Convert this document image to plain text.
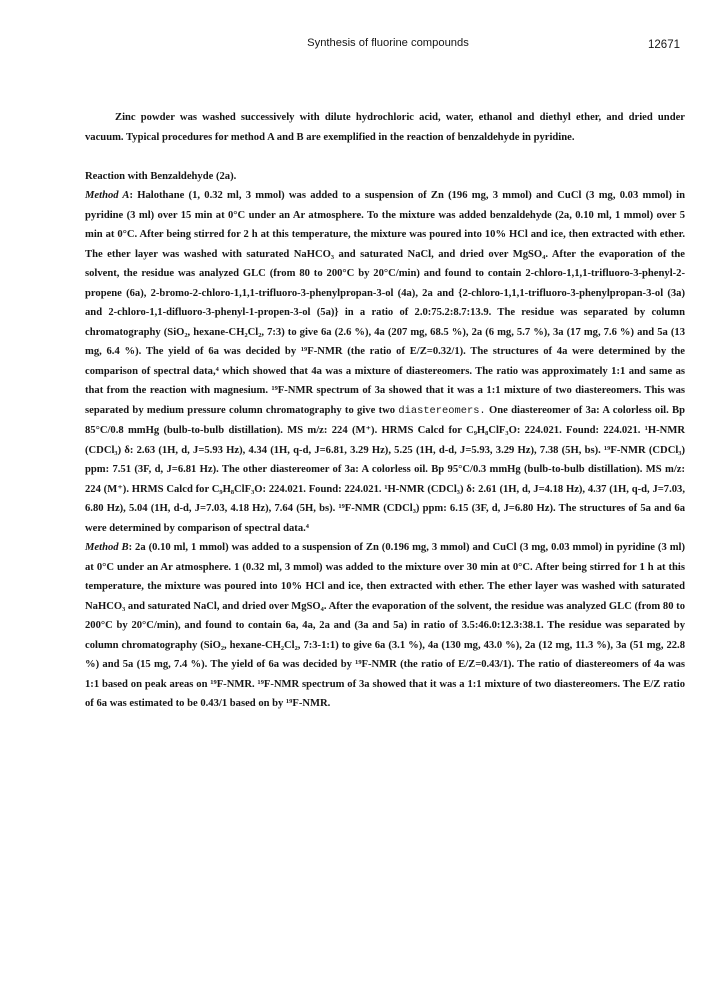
Synthesis of fluorine compounds	12671

Zinc powder was washed successively with dilute hydrochloric acid, water, ethanol and diethyl ether, and dried under vacuum. Typical procedures for method A and B are exemplified in the reaction of benzaldehyde in pyridine.

Reaction with Benzaldehyde (2a).

Method A: Halothane (1, 0.32 ml, 3 mmol) was added to a suspension of Zn (196 mg, 3 mmol) and CuCl (3 mg, 0.03 mmol) in pyridine (3 ml) over 15 min at 0°C under an Ar atmosphere. To the mixture was added benzaldehyde (2a, 0.10 ml, 1 mmol) over 5 min at 0°C. After being stirred for 2 h at this temperature, the mixture was poured into 10% HCl and ice, then extracted with ether. The ether layer was washed with saturated NaHCO₃ and saturated NaCl, and dried over MgSO₄. After the evaporation of the solvent, the residue was analyzed GLC (from 80 to 200°C by 20°C/min) and found to contain 2-chloro-1,1,1-trifluoro-3-phenyl-2-propene (6a), 2-bromo-2-chloro-1,1,1-trifluoro-3-phenylpropan-3-ol (4a), 2a and {2-chloro-1,1,1-trifluoro-3-phenylpropan-3-ol (3a) and 2-chloro-1,1-difluoro-3-phenyl-1-propen-3-ol (5a)} in a ratio of 2.0:75.2:8.7:13.9. The residue was separated by column chromatography (SiO₂, hexane-CH₂Cl₂, 7:3) to give 6a (2.6 %), 4a (207 mg, 68.5 %), 2a (6 mg, 5.7 %), 3a (17 mg, 7.6 %) and 5a (13 mg, 6.4 %). The yield of 6a was decided by ¹⁹F-NMR (the ratio of E/Z=0.32/1). The structures of 4a were determined by the comparison of spectral data,⁴ which showed that 4a was a mixture of diastereomers. The ratio was approximately 1:1 and same as that from the reaction with magnesium. ¹⁹F-NMR spectrum of 3a showed that it was a 1:1 mixture of two diastereomers. This was separated by medium pressure column chromatography to give two diastereomers. One diastereomer of 3a: A colorless oil. Bp 85°C/0.8 mmHg (bulb-to-bulb distillation). MS m/z: 224 (M⁺). HRMS Calcd for C₉H₈ClF₃O: 224.021. Found: 224.021. ¹H-NMR (CDCl₃) δ: 2.63 (1H, d, J=5.93 Hz), 4.34 (1H, q-d, J=6.81, 3.29 Hz), 5.25 (1H, d-d, J=5.93, 3.29 Hz), 7.38 (5H, bs). ¹⁹F-NMR (CDCl₃) ppm: 7.51 (3F, d, J=6.81 Hz). The other diastereomer of 3a: A colorless oil. Bp 95°C/0.3 mmHg (bulb-to-bulb distillation). MS m/z: 224 (M⁺). HRMS Calcd for C₉H₈ClF₃O: 224.021. Found: 224.021. ¹H-NMR (CDCl₃) δ: 2.61 (1H, d, J=4.18 Hz), 4.37 (1H, q-d, J=7.03, 6.80 Hz), 5.04 (1H, d-d, J=7.03, 4.18 Hz), 7.64 (5H, bs). ¹⁹F-NMR (CDCl₃) ppm: 6.15 (3F, d, J=6.80 Hz). The structures of 5a and 6a were determined by comparison of spectral data.⁴

Method B: 2a (0.10 ml, 1 mmol) was added to a suspension of Zn (0.196 mg, 3 mmol) and CuCl (3 mg, 0.03 mmol) in pyridine (3 ml) at 0°C under an Ar atmosphere. 1 (0.32 ml, 3 mmol) was added to the mixture over 30 min at 0°C. After being stirred for 1 h at this temperature, the mixture was poured into 10% HCl and ice, then extracted with ether. The ether layer was washed with saturated NaHCO₃ and saturated NaCl, and dried over MgSO₄. After the evaporation of the solvent, the residue was analyzed GLC (from 80 to 200°C by 20°C/min), and found to contain 6a, 4a, 2a and (3a and 5a) in ratio of 3.5:46.0:12.3:38.1. The residue was separated by column chromatography (SiO₂, hexane-CH₂Cl₂, 7:3-1:1) to give 6a (3.1 %), 4a (130 mg, 43.0 %), 2a (12 mg, 11.3 %), 3a (51 mg, 22.8 %) and 5a (15 mg, 7.4 %). The yield of 6a was decided by ¹⁹F-NMR (the ratio of E/Z=0.43/1). The ratio of diastereomers of 4a was 1:1 based on peak areas on ¹⁹F-NMR. ¹⁹F-NMR spectrum of 3a showed that it was a 1:1 mixture of two diastereomers. The E/Z ratio of 6a was estimated to be 0.43/1 based on by ¹⁹F-NMR.
